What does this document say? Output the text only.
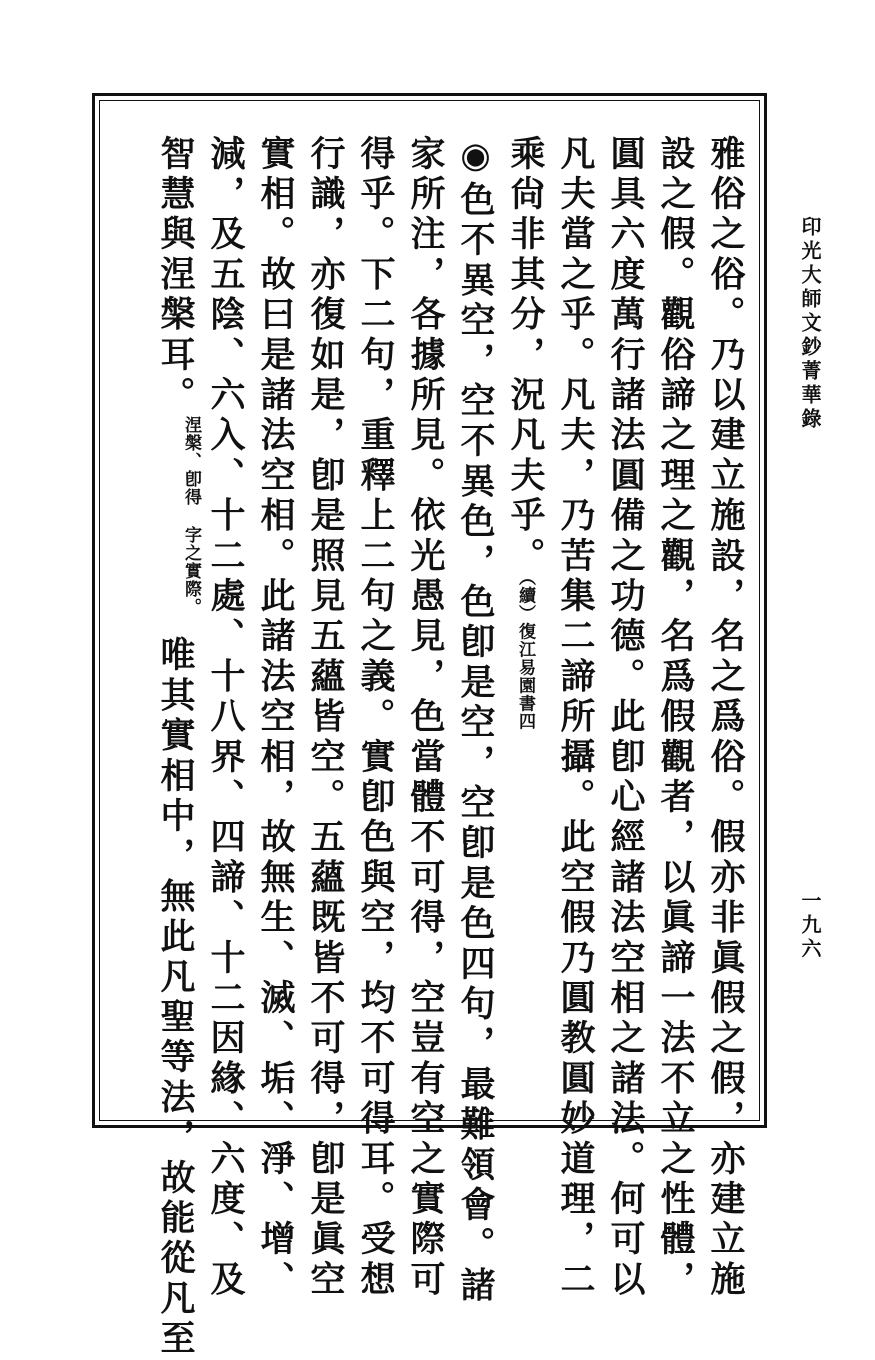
印光大師文鈔菁華錄
一九六
雅俗之俗。乃以建立施設，名之爲俗。假亦非眞假之假，亦建立施
設之假。觀俗諦之理之觀，名爲假觀者，以眞諦一法不立之性體，
圓具六度萬行諸法圓備之功德。此卽心經諸法空相之諸法。何可以
凡夫當之乎。凡夫，乃苦集二諦所攝。此空假乃圓教圓妙道理，二
乘尙非其分，況凡夫乎。（續）復江易園書四
◉色不異空，空不異色，色卽是空，空卽是色四句，最難領會。諸
家所注，各據所見。依光愚見，色當體不可得，空豈有空之實際可
得乎。下二句，重釋上二句之義。實卽色與空，均不可得耳。受想
行識，亦復如是，卽是照見五蘊皆空。五蘊既皆不可得，卽是眞空
實相。故曰是諸法空相。此諸法空相，故無生、滅、垢、淨、增、
減，及五陰、六入、十二處、十八界、四諦、十二因緣、六度、及
智慧與涅槃耳。涅槃、卽得字之實際。唯其實相中，無此凡聖等法，故能從凡至
